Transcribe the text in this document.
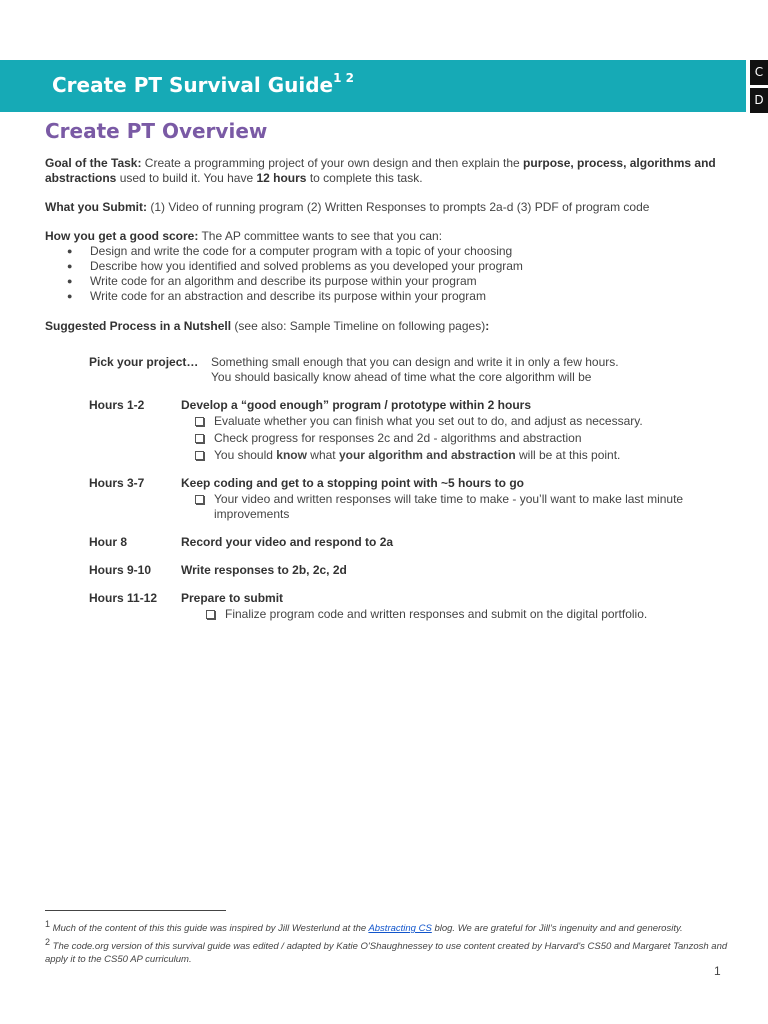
Create PT Survival Guide$^{1 2}$	C
D
Create PT Overview
Goal of the Task: Create a programming project of your own design and then explain the purpose, process, algorithms and abstractions used to build it. You have 12 hours to complete this task.
What you Submit: (1) Video of running program (2) Written Responses to prompts 2a-d (3) PDF of program code
How you get a good score: The AP committee wants to see that you can:
● Design and write the code for a computer program with a topic of your choosing
● Describe how you identified and solved problems as you developed your program
● Write code for an algorithm and describe its purpose within your program
● Write code for an abstraction and describe its purpose within your program
Suggested Process in a Nutshell (see also: Sample Timeline on following pages):
Pick your project… Something small enough that you can design and write it in only a few hours.
You should basically know ahead of time what the core algorithm will be
Hours 1-2	Develop a “good enough” program / prototype within 2 hours
Evaluate whether you can finish what you set out to do, and adjust as necessary.
Check progress for responses 2c and 2d - algorithms and abstraction
You should know what your algorithm and abstraction will be at this point.
Hours 3-7	Keep coding and get to a stopping point with ~5 hours to go
Your video and written responses will take time to make - you’ll want to make last minute improvements
Hour 8	Record your video and respond to 2a
Hours 9-10 Write responses to 2b, 2c, 2d
Hours 11-12 Prepare to submit
Finalize program code and written responses and submit on the digital portfolio.
$^1$ Much of the content of this this guide was inspired by Jill Westerlund at the Abstracting CS blog. We are grateful for Jill’s ingenuity and and generosity.
$^2$ The code.org version of this survival guide was edited / adapted by Katie O'Shaughnessey to use content created by Harvard's CS50 and Margaret Tanzosh and apply it to the CS50 AP curriculum.
1
